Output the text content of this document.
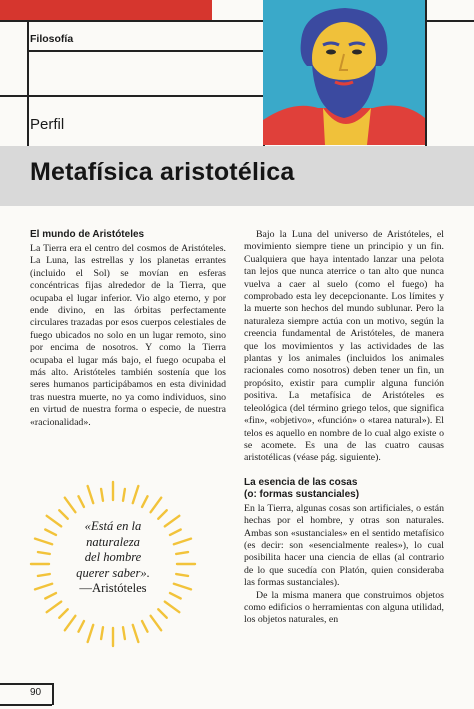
Filosofía
Perfil
Metafísica aristotélica
El mundo de Aristóteles

La Tierra era el centro del cosmos de Aristóteles. La Luna, las estrellas y los planetas errantes (incluido el Sol) se movían en esferas concéntricas fijas alrededor de la Tierra, que ocupaba el lugar inferior. Vio algo eterno, y por ende divino, en las órbitas perfectamente circulares trazadas por esos cuerpos celestiales de fuego ubicados no solo en un lugar remoto, sino por encima de nosotros. Y como la Tierra ocupaba el lugar más bajo, el fuego ocupaba el más alto. Aristóteles también sostenía que los seres humanos participábamos en esta divinidad tras nuestra muerte, no ya como individuos, sino en virtud de nuestra forma o especie, de nuestra «racionalidad».

«Está en la
naturaleza
del hombre
querer saber».
—Aristóteles

Bajo la Luna del universo de Aristóteles, el movimiento siempre tiene un principio y un fin. Cualquiera que haya intentado lanzar una pelota tan lejos que nunca aterrice o tan alto que nunca vuelva a caer al suelo (como el fuego) ha comprobado esta ley decepcionante. Los límites y la muerte son hechos del mundo sublunar. Pero la naturaleza siempre actúa con un motivo, según la creencia fundamental de Aristóteles, de manera que los movimientos y las actividades de las plantas y los animales (incluidos los animales racionales como nosotros) deben tener un fin, un propósito, existir para cumplir alguna función positiva. La metafísica de Aristóteles es teleológica (del término griego telos, que significa «fin», «objetivo», «función» o «tarea natural»). El telos es aquello en nombre de lo cual algo existe o se acomete. Es una de las cuatro causas aristotélicas (véase pág. siguiente).

La esencia de las cosas
(o: formas sustanciales)

En la Tierra, algunas cosas son artificiales, o están hechas por el hombre, y otras son naturales. Ambas son «sustanciales» en el sentido metafísico (es decir: son «esencialmente reales»), lo cual posibilita hacer una ciencia de ellas (al contrario de lo que sucedía con Platón, quien consideraba las formas sustanciales).

De la misma manera que construimos objetos como edificios o herramientas con alguna utilidad, los objetos naturales, en

90
